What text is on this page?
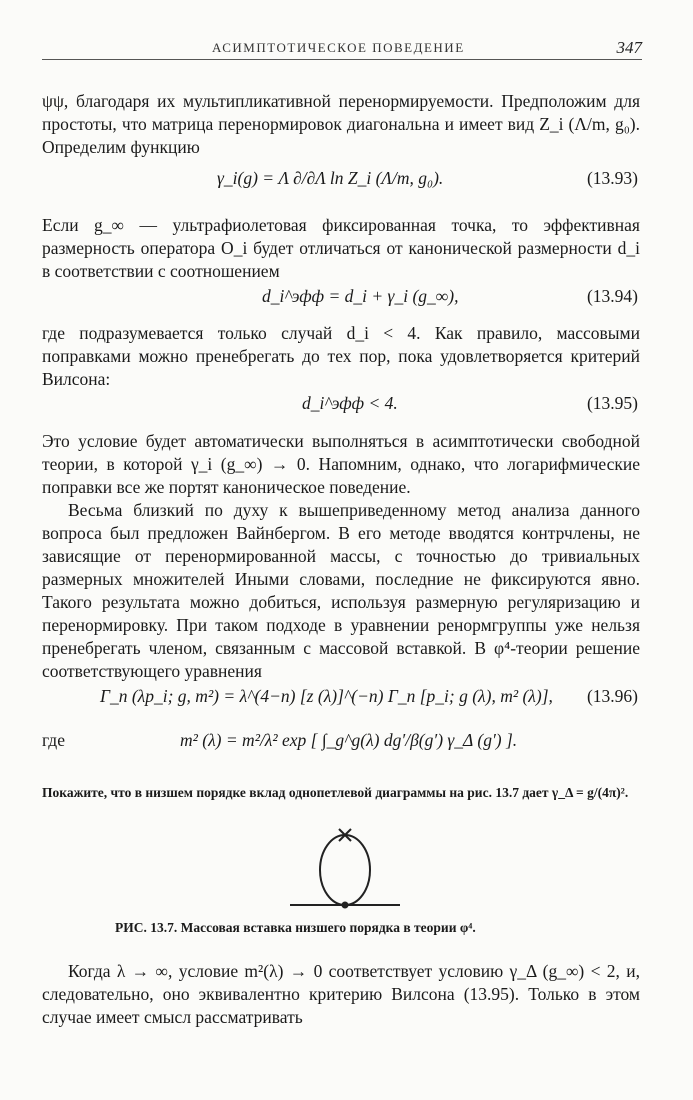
АСИМПТОТИЧЕСКОЕ ПОВЕДЕНИЕ	347
ψψ, благодаря их мультипликативной перенормируемости. Предположим для простоты, что матрица перенормировок диагональна и имеет вид Z_i (Λ/m, g₀). Определим функцию
γ_i(g) = Λ ∂/∂Λ ln Z_i (Λ/m, g₀).	(13.93)
Если g_∞ — ультрафиолетовая фиксированная точка, то эффективная размерность оператора O_i будет отличаться от канонической размерности d_i в соответствии с соотношением
d_i^эфф = d_i + γ_i (g_∞),	(13.94)
где подразумевается только случай d_i < 4. Как правило, массовыми поправками можно пренебрегать до тех пор, пока удовлетворяется критерий Вилсона:
d_i^эфф < 4.	(13.95)
Это условие будет автоматически выполняться в асимптотически свободной теории, в которой γ_i (g_∞) → 0. Напомним, однако, что логарифмические поправки все же портят каноническое поведение.
Весьма близкий по духу к вышеприведенному метод анализа данного вопроса был предложен Вайнбергом. В его методе вводятся контрчлены, не зависящие от перенормированной массы, с точностью до тривиальных размерных множителей Иными словами, последние не фиксируются явно. Такого результата можно добиться, используя размерную регуляризацию и перенормировку. При таком подходе в уравнении ренормгруппы уже нельзя пренебрегать членом, связанным с массовой вставкой. В φ⁴-теории решение соответствующего уравнения
Γ_n (λp_i; g, m²) = λ^(4−n) [z (λ)]^(−n) Γ_n [p_i; g (λ), m² (λ)], (13.96)
где	m² (λ) = m²/λ² exp [ ∫_g^g(λ) dg′/β(g′) γ_Δ (g′) ].
Покажите, что в низшем порядке вклад однопетлевой диаграммы на рис. 13.7 дает γ_Δ = g/(4π)².
РИС. 13.7. Массовая вставка низшего порядка в теории φ⁴.
Когда λ → ∞, условие m²(λ) → 0 соответствует условию γ_Δ (g_∞) < 2, и, следовательно, оно эквивалентно критерию Вилсона (13.95). Только в этом случае имеет смысл рассматривать
